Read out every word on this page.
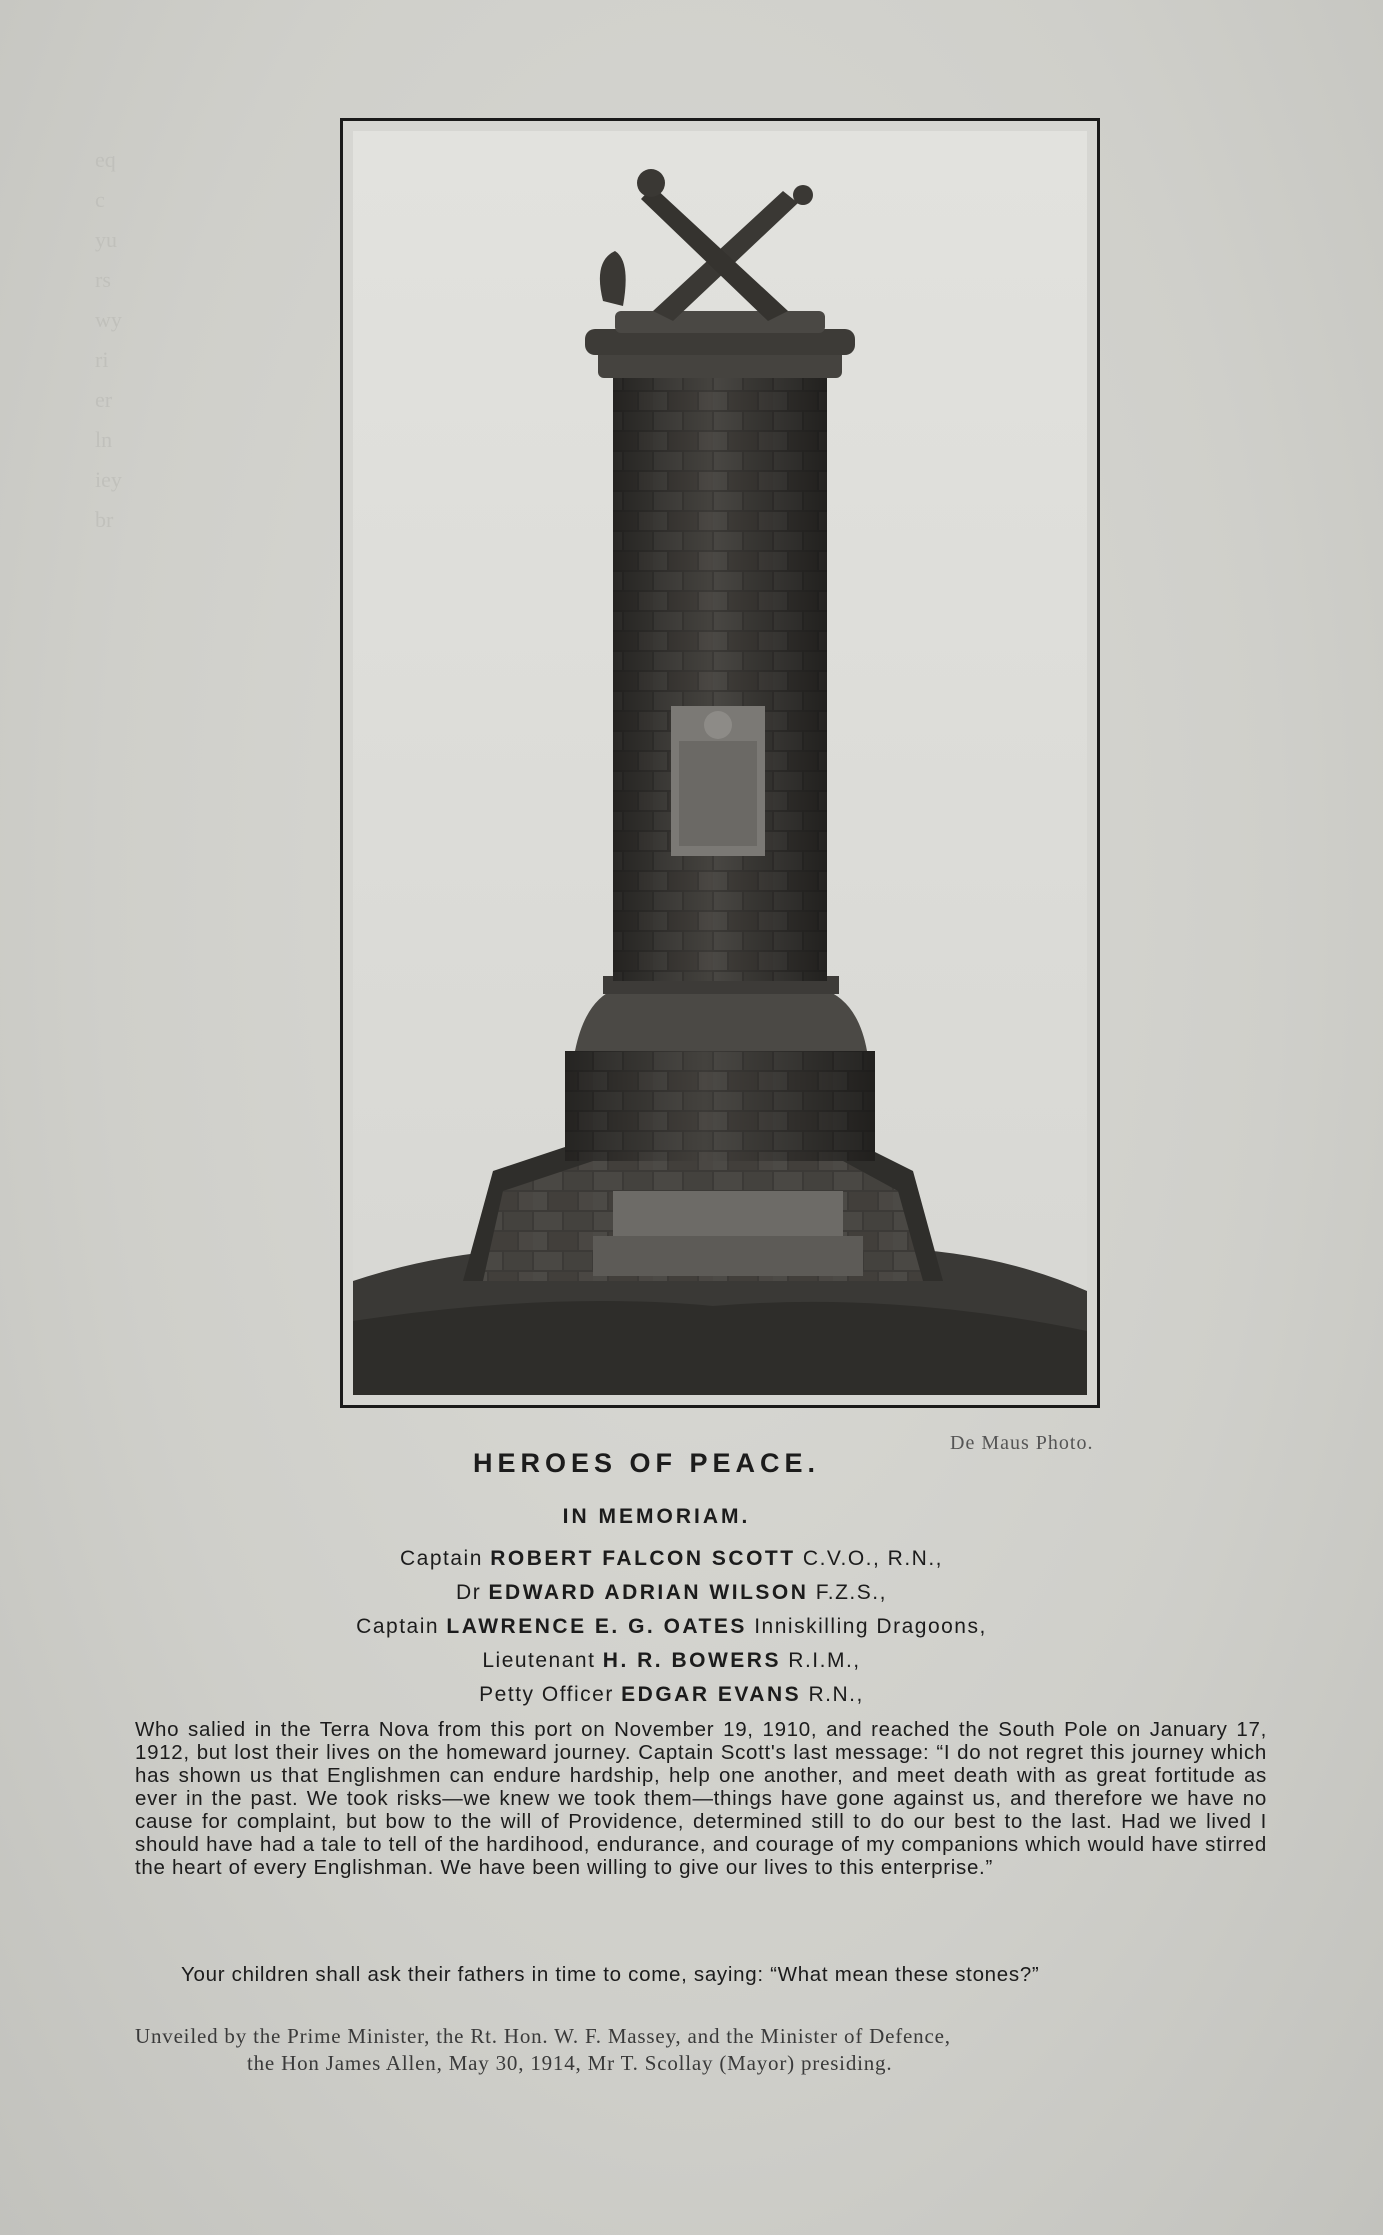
eq
c
yu
rs
wy
ri
er
ln
iey
br
De Maus Photo.
HEROES OF PEACE.
IN MEMORIAM.
Captain ROBERT FALCON SCOTT C.V.O., R.N.,
Dr EDWARD ADRIAN WILSON F.Z.S.,
Captain LAWRENCE E. G. OATES Inniskilling Dragoons,
Lieutenant H. R. BOWERS R.I.M.,
Petty Officer EDGAR EVANS R.N.,

Who salied in the Terra Nova from this port on November 19, 1910, and reached the South Pole on January 17, 1912, but lost their lives on the homeward journey. Captain Scott's last message: “I do not regret this journey which has shown us that Englishmen can endure hardship, help one another, and meet death with as great fortitude as ever in the past. We took risks—we knew we took them—things have gone against us, and therefore we have no cause for complaint, but bow to the will of Providence, determined still to do our best to the last. Had we lived I should have had a tale to tell of the hardihood, endurance, and courage of my companions which would have stirred the heart of every Englishman. We have been willing to give our lives to this enterprise.”

Your children shall ask their fathers in time to come, saying: “What mean these stones?”

Unveiled by the Prime Minister, the Rt. Hon. W. F. Massey, and the Minister of Defence,
the Hon James Allen, May 30, 1914, Mr T. Scollay (Mayor) presiding.
